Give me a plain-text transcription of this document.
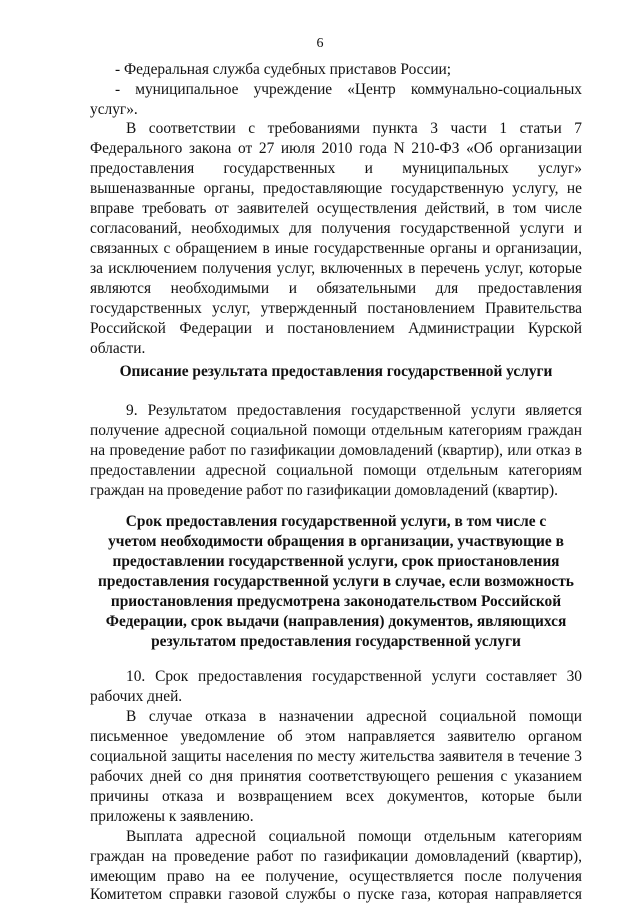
6
- Федеральная служба судебных приставов России;
- муниципальное учреждение «Центр коммунально-социальных
услуг».
В соответствии с требованиями пункта 3 части 1 статьи 7
Федерального закона от 27 июля 2010 года N 210-ФЗ «Об организации
предоставления государственных и муниципальных услуг»
вышеназванные органы, предоставляющие государственную услугу, не
вправе требовать от заявителей осуществления действий, в том числе
согласований, необходимых для получения государственной услуги и
связанных с обращением в иные государственные органы и организации,
за исключением получения услуг, включенных в перечень услуг, которые
являются необходимыми и обязательными для предоставления
государственных услуг, утвержденный постановлением Правительства
Российской Федерации и постановлением Администрации Курской
области.
Описание результата предоставления государственной услуги
9. Результатом предоставления государственной услуги является
получение адресной социальной помощи отдельным категориям граждан
на проведение работ по газификации домовладений (квартир), или отказ в
предоставлении адресной социальной помощи отдельным категориям
граждан на проведение работ по газификации домовладений (квартир).
Срок предоставления государственной услуги, в том числе с
учетом необходимости обращения в организации, участвующие в
предоставлении государственной услуги, срок приостановления
предоставления государственной услуги в случае, если возможность
приостановления предусмотрена законодательством Российской
Федерации, срок выдачи (направления) документов, являющихся
результатом предоставления государственной услуги
10. Срок предоставления государственной услуги составляет 30
рабочих дней.
В случае отказа в назначении адресной социальной помощи
письменное уведомление об этом направляется заявителю органом
социальной защиты населения по месту жительства заявителя в течение 3
рабочих дней со дня принятия соответствующего решения с указанием
причины отказа и возвращением всех документов, которые были
приложены к заявлению.
Выплата адресной социальной помощи отдельным категориям
граждан на проведение работ по газификации домовладений (квартир),
имеющим право на ее получение, осуществляется после получения
Комитетом справки газовой службы о пуске газа, которая направляется
